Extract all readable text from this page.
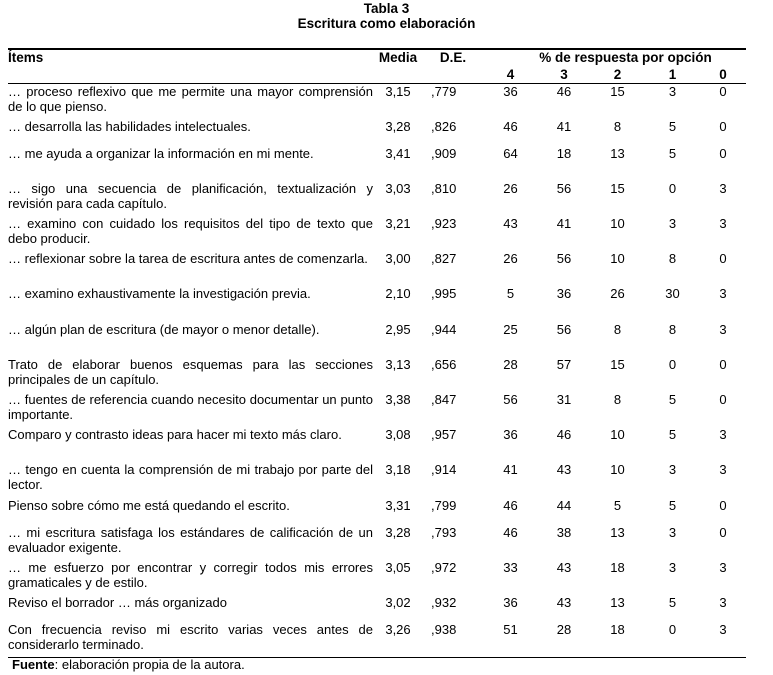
Tabla 3
Escritura como elaboración
Ítems	Media	D.E.	% de respuesta por opción				
			4	3	2	1	0
… proceso reflexivo que me permite una mayor comprensión de lo que pienso.	3,15	,779	36	46	15	3	0
… desarrolla las habilidades intelectuales.	3,28	,826	46	41	8	5	0
… me ayuda a organizar la información en mi mente.	3,41	,909	64	18	13	5	0
… sigo una secuencia de planificación, textualización y revisión para cada capítulo.	3,03	,810	26	56	15	0	3
… examino con cuidado los requisitos del tipo de texto que debo producir.	3,21	,923	43	41	10	3	3
… reflexionar sobre la tarea de escritura antes de comenzarla.	3,00	,827	26	56	10	8	0
… examino exhaustivamente la investigación previa.	2,10	,995	5	36	26	30	3
… algún plan de escritura (de mayor o menor detalle).	2,95	,944	25	56	8	8	3
Trato de elaborar buenos esquemas para las secciones principales de un capítulo.	3,13	,656	28	57	15	0	0
… fuentes de referencia cuando necesito documentar un punto importante.	3,38	,847	56	31	8	5	0
Comparo y contrasto ideas para hacer mi texto más claro.	3,08	,957	36	46	10	5	3
… tengo en cuenta la comprensión de mi trabajo por parte del lector.	3,18	,914	41	43	10	3	3
Pienso sobre cómo me está quedando el escrito.	3,31	,799	46	44	5	5	0
… mi escritura satisfaga los estándares de calificación de un evaluador exigente.	3,28	,793	46	38	13	3	0
… me esfuerzo por encontrar y corregir todos mis errores gramaticales y de estilo.	3,05	,972	33	43	18	3	3
Reviso el borrador … más organizado	3,02	,932	36	43	13	5	3
Con frecuencia reviso mi escrito varias veces antes de considerarlo terminado.	3,26	,938	51	28	18	0	3
Fuente: elaboración propia de la autora.
